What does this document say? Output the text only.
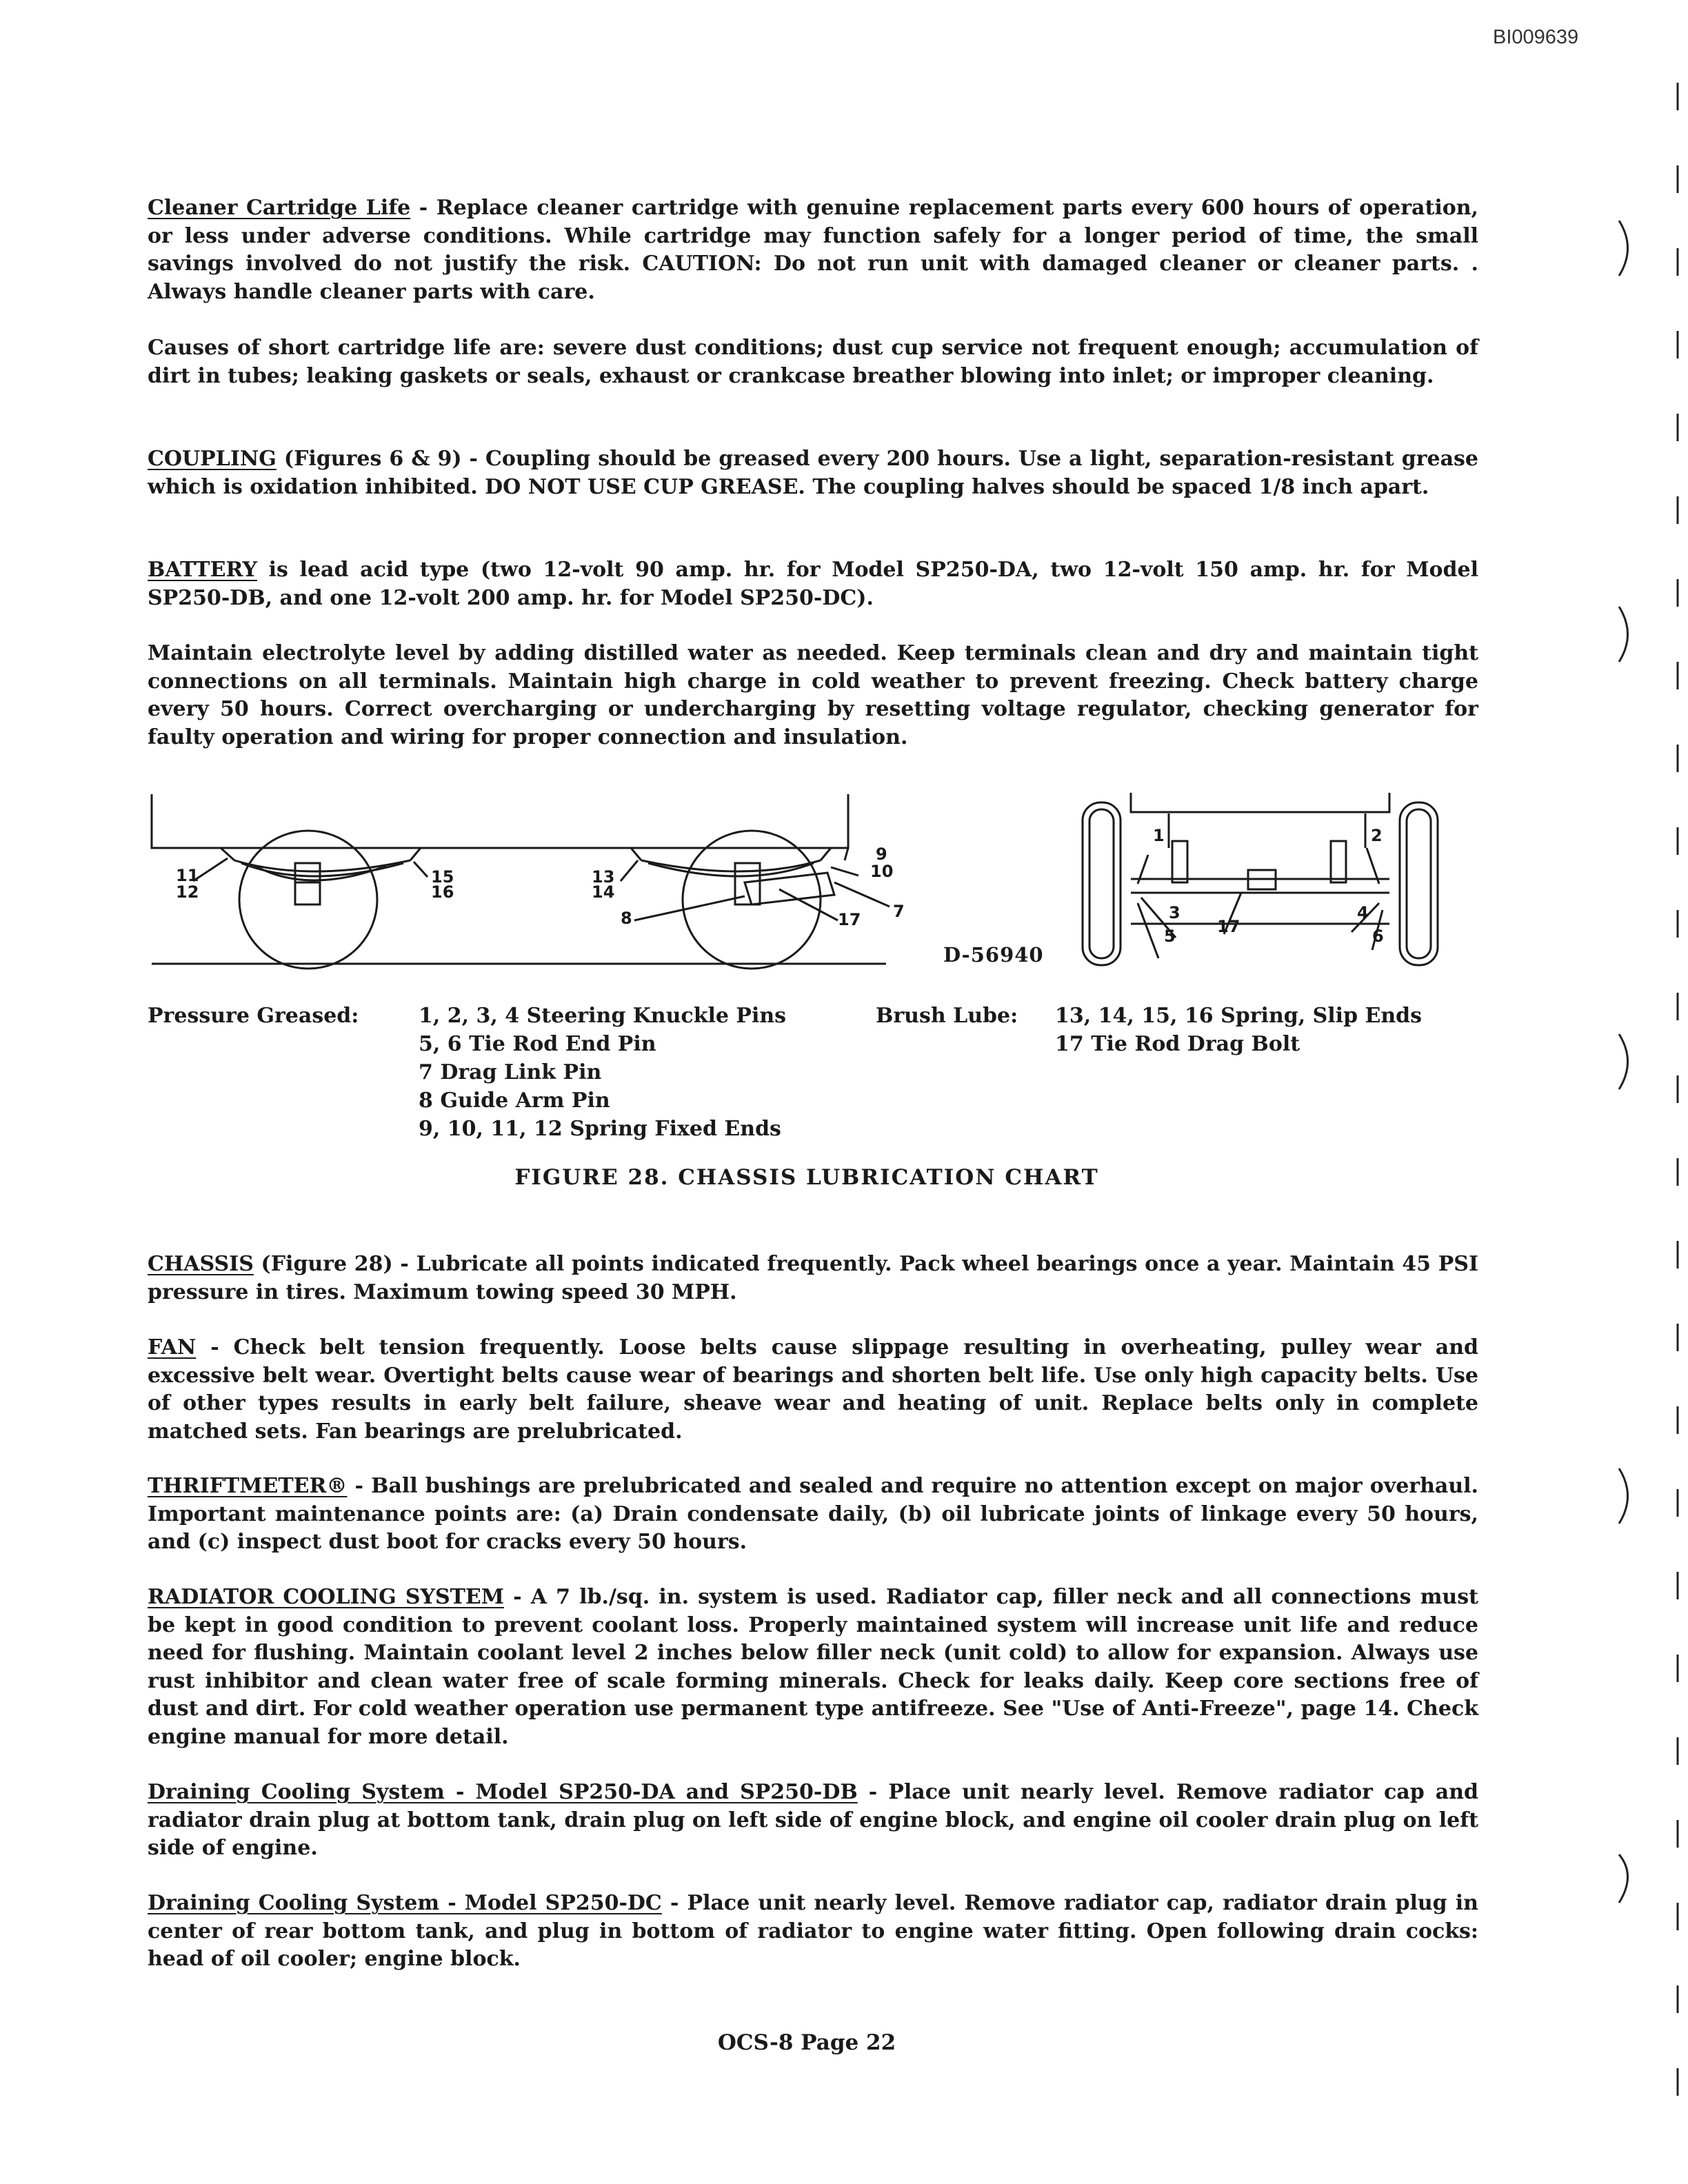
BI009639

Cleaner Cartridge Life - Replace cleaner cartridge with genuine replacement parts every 600 hours of operation, or less under adverse conditions. While cartridge may function safely for a longer period of time, the small savings involved do not justify the risk. CAUTION: Do not run unit with damaged cleaner or cleaner parts. . Always handle cleaner parts with care.

Causes of short cartridge life are: severe dust conditions; dust cup service not frequent enough; accumulation of dirt in tubes; leaking gaskets or seals, exhaust or crankcase breather blowing into inlet; or improper cleaning.

COUPLING (Figures 6 & 9) - Coupling should be greased every 200 hours. Use a light, separation-resistant grease which is oxidation inhibited. DO NOT USE CUP GREASE. The coupling halves should be spaced 1/8 inch apart.

BATTERY is lead acid type (two 12-volt 90 amp. hr. for Model SP250-DA, two 12-volt 150 amp. hr. for Model SP250-DB, and one 12-volt 200 amp. hr. for Model SP250-DC).

Maintain electrolyte level by adding distilled water as needed. Keep terminals clean and dry and maintain tight connections on all terminals. Maintain high charge in cold weather to prevent freezing. Check battery charge every 50 hours. Correct overcharging or undercharging by resetting voltage regulator, checking generator for faulty operation and wiring for proper connection and insulation.

11
12
15
16
13
14
8
9
10
17 7
1	2
3	4
5	6
17
D-56940
Pressure Greased:	1, 2, 3, 4 Steering Knuckle Pins
5, 6 Tie Rod End Pin
7 Drag Link Pin
8 Guide Arm Pin
9, 10, 11, 12 Spring Fixed Ends
Brush Lube: 13, 14, 15, 16 Spring, Slip Ends
17 Tie Rod Drag Bolt
FIGURE 28. CHASSIS LUBRICATION CHART

CHASSIS (Figure 28) - Lubricate all points indicated frequently. Pack wheel bearings once a year. Maintain 45 PSI pressure in tires. Maximum towing speed 30 MPH.

FAN - Check belt tension frequently. Loose belts cause slippage resulting in overheating, pulley wear and excessive belt wear. Overtight belts cause wear of bearings and shorten belt life. Use only high capacity belts. Use of other types results in early belt failure, sheave wear and heating of unit. Replace belts only in complete matched sets. Fan bearings are prelubricated.

THRIFTMETER® - Ball bushings are prelubricated and sealed and require no attention except on major overhaul. Important maintenance points are: (a) Drain condensate daily, (b) oil lubricate joints of linkage every 50 hours, and (c) inspect dust boot for cracks every 50 hours.

RADIATOR COOLING SYSTEM - A 7 lb./sq. in. system is used. Radiator cap, filler neck and all connections must be kept in good condition to prevent coolant loss. Properly maintained system will increase unit life and reduce need for flushing. Maintain coolant level 2 inches below filler neck (unit cold) to allow for expansion. Always use rust inhibitor and clean water free of scale forming minerals. Check for leaks daily. Keep core sections free of dust and dirt. For cold weather operation use permanent type antifreeze. See "Use of Anti-Freeze", page 14. Check engine manual for more detail.

Draining Cooling System - Model SP250-DA and SP250-DB - Place unit nearly level. Remove radiator cap and radiator drain plug at bottom tank, drain plug on left side of engine block, and engine oil cooler drain plug on left side of engine.

Draining Cooling System - Model SP250-DC - Place unit nearly level. Remove radiator cap, radiator drain plug in center of rear bottom tank, and plug in bottom of radiator to engine water fitting. Open following drain cocks: head of oil cooler; engine block.

OCS-8 Page 22
